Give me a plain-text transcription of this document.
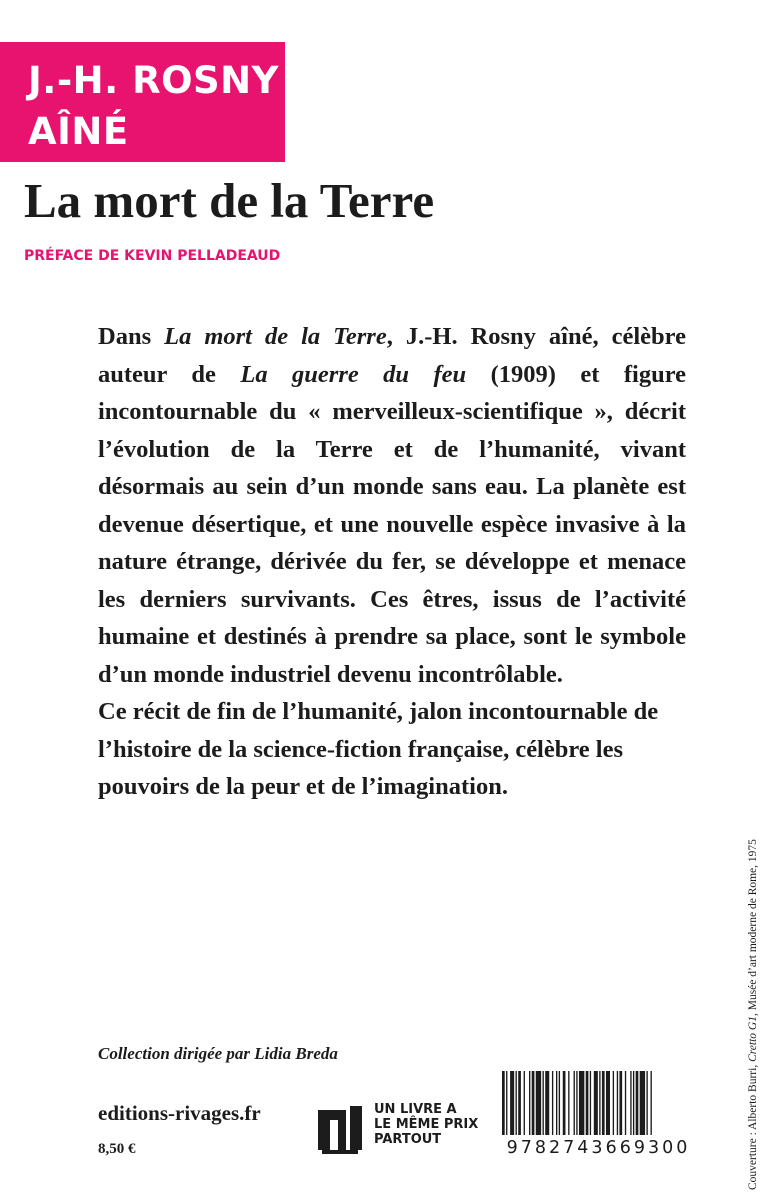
J.-H. ROSNY
AÎNÉ
La mort de la Terre
PRÉFACE DE KEVIN PELLADEAUD

Dans La mort de la Terre, J.-H. Rosny aîné, célèbre auteur de La guerre du feu (1909) et figure incontournable du « merveilleux-scientifique », décrit l’évolution de la Terre et de l’humanité, vivant désormais au sein d’un monde sans eau. La planète est devenue désertique, et une nouvelle espèce invasive à la nature étrange, dérivée du fer, se développe et menace les derniers survivants. Ces êtres, issus de l’activité humaine et destinés à prendre sa place, sont le symbole d’un monde industriel devenu incontrôlable.

Ce récit de fin de l’humanité, jalon incontournable de l’histoire de la science-fiction française, célèbre les pouvoirs de la peur et de l’imagination.

Collection dirigée par Lidia Breda
editions-rivages.fr
8,50 €
UN LIVRE A
LE MÊME PRIX
PARTOUT	9782743669300	Couverture : Alberto Burri, Cretto G1, Musée d’art moderne de Rome, 1975
